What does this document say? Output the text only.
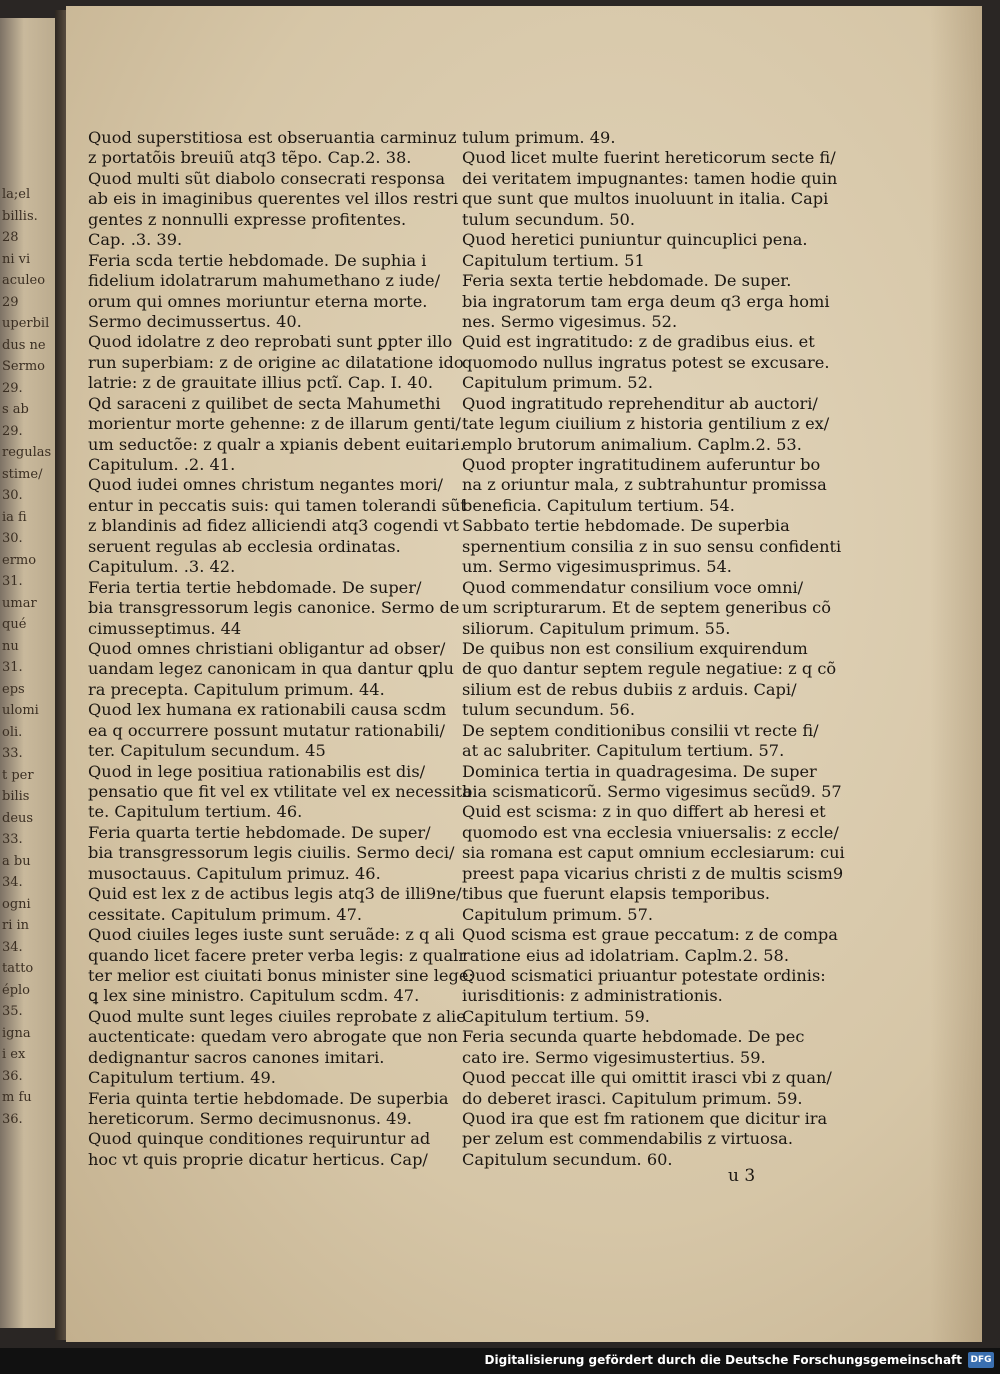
la;el
billis.
28
ni vi
aculeo
29
uperbil
dus ne
Sermo
29.
s ab
29.
regulas
stime/
30.
ia fi
30.
ermo
31.
umar
qué
nu
31.
eps
ulomi
oli.
33.
t per
bilis
deus
33.
a bu
34.
ogni
ri in
34.
tatto
éplo
35.
igna
i ex
36.
m fu
36.
Quod superstitiosa est obseruantia carminuz
z portatõis breuiũ atq3 tẽpo. Cap.2. 38.
Quod multi sũt diabolo consecrati responsa
ab eis in imaginibus querentes vel illos restri
gentes z nonnulli expresse profitentes.
Cap. .3. 39.
Feria scda tertie hebdomade. De suphia i
fidelium idolatrarum mahumethano z iude/
orum qui omnes moriuntur eterna morte.
Sermo decimussertus. 40.
Quod idolatre z deo reprobati sunt ꝑpter illo
run superbiam: z de origine ac dilatatione ido
latrie: z de grauitate illius pctĩ. Cap. I. 40.
Qd saraceni z quilibet de secta Mahumethi
morientur morte gehenne: z de illarum genti/
um seductõe: z qualr a xpianis debent euitari.
Capitulum. .2. 41.
Quod iudei omnes christum negantes mori/
entur in peccatis suis: qui tamen tolerandi sũt
z blandinis ad fidez alliciendi atq3 cogendi vt
seruent regulas ab ecclesia ordinatas.
Capitulum. .3. 42.
Feria tertia tertie hebdomade. De super/
bia transgressorum legis canonice. Sermo de
cimusseptimus. 44
Quod omnes christiani obligantur ad obser/
uandam legez canonicam in qua dantur ꝗplu
ra precepta. Capitulum primum. 44.
Quod lex humana ex rationabili causa scdm
ea q occurrere possunt mutatur rationabili/
ter. Capitulum secundum. 45
Quod in lege positiua rationabilis est dis/
pensatio que fit vel ex vtilitate vel ex necessita
te. Capitulum tertium. 46.
Feria quarta tertie hebdomade. De super/
bia transgressorum legis ciuilis. Sermo deci/
musoctauus. Capitulum primuz. 46.
Quid est lex z de actibus legis atq3 de illi9ne/
cessitate. Capitulum primum. 47.
Quod ciuiles leges iuste sunt seruãde: z q ali
quando licet facere preter verba legis: z qualr
ter melior est ciuitati bonus minister sine lege:
ꝗ lex sine ministro. Capitulum scdm. 47.
Quod multe sunt leges ciuiles reprobate z alie
auctenticate: quedam vero abrogate que non
dedignantur sacros canones imitari.
Capitulum tertium. 49.
Feria quinta tertie hebdomade. De superbia
hereticorum. Sermo decimusnonus. 49.
Quod quinque conditiones requiruntur ad
hoc vt quis proprie dicatur herticus. Cap/
tulum primum. 49.
Quod licet multe fuerint hereticorum secte fi/
dei veritatem impugnantes: tamen hodie quin
que sunt que multos inuoluunt in italia. Capi
tulum secundum. 50.
Quod heretici puniuntur quincuplici pena.
Capitulum tertium. 51
Feria sexta tertie hebdomade. De super.
bia ingratorum tam erga deum q3 erga homi
nes. Sermo vigesimus. 52.
Quid est ingratitudo: z de gradibus eius. et
quomodo nullus ingratus potest se excusare.
Capitulum primum. 52.
Quod ingratitudo reprehenditur ab auctori/
tate legum ciuilium z historia gentilium z ex/
emplo brutorum animalium. Caplm.2. 53.
Quod propter ingratitudinem auferuntur bo
na z oriuntur mala, z subtrahuntur promissa
beneficia. Capitulum tertium. 54.
Sabbato tertie hebdomade. De superbia
spernentium consilia z in suo sensu confidenti
um. Sermo vigesimusprimus. 54.
Quod commendatur consilium voce omni/
um scripturarum. Et de septem generibus cõ
siliorum. Capitulum primum. 55.
De quibus non est consilium exquirendum
de quo dantur septem regule negatiue: z q cõ
silium est de rebus dubiis z arduis. Capi/
tulum secundum. 56.
De septem conditionibus consilii vt recte fi/
at ac salubriter. Capitulum tertium. 57.
Dominica tertia in quadragesima. De super
bia scismaticorũ. Sermo vigesimus secũd9. 57
Quid est scisma: z in quo differt ab heresi et
quomodo est vna ecclesia vniuersalis: z eccle/
sia romana est caput omnium ecclesiarum: cui
preest papa vicarius christi z de multis scism9
tibus que fuerunt elapsis temporibus.
Capitulum primum. 57.
Quod scisma est graue peccatum: z de compa
ratione eius ad idolatriam. Caplm.2. 58.
Quod scismatici priuantur potestate ordinis:
iurisditionis: z administrationis.
Capitulum tertium. 59.
Feria secunda quarte hebdomade. De pec
cato ire. Sermo vigesimustertius. 59.
Quod peccat ille qui omittit irasci vbi z quan/
do deberet irasci. Capitulum primum. 59.
Quod ira que est fm rationem que dicitur ira
per zelum est commendabilis z virtuosa.
Capitulum secundum. 60.
u 3
Digitalisierung gefördert durch die Deutsche Forschungsgemeinschaft DFG
